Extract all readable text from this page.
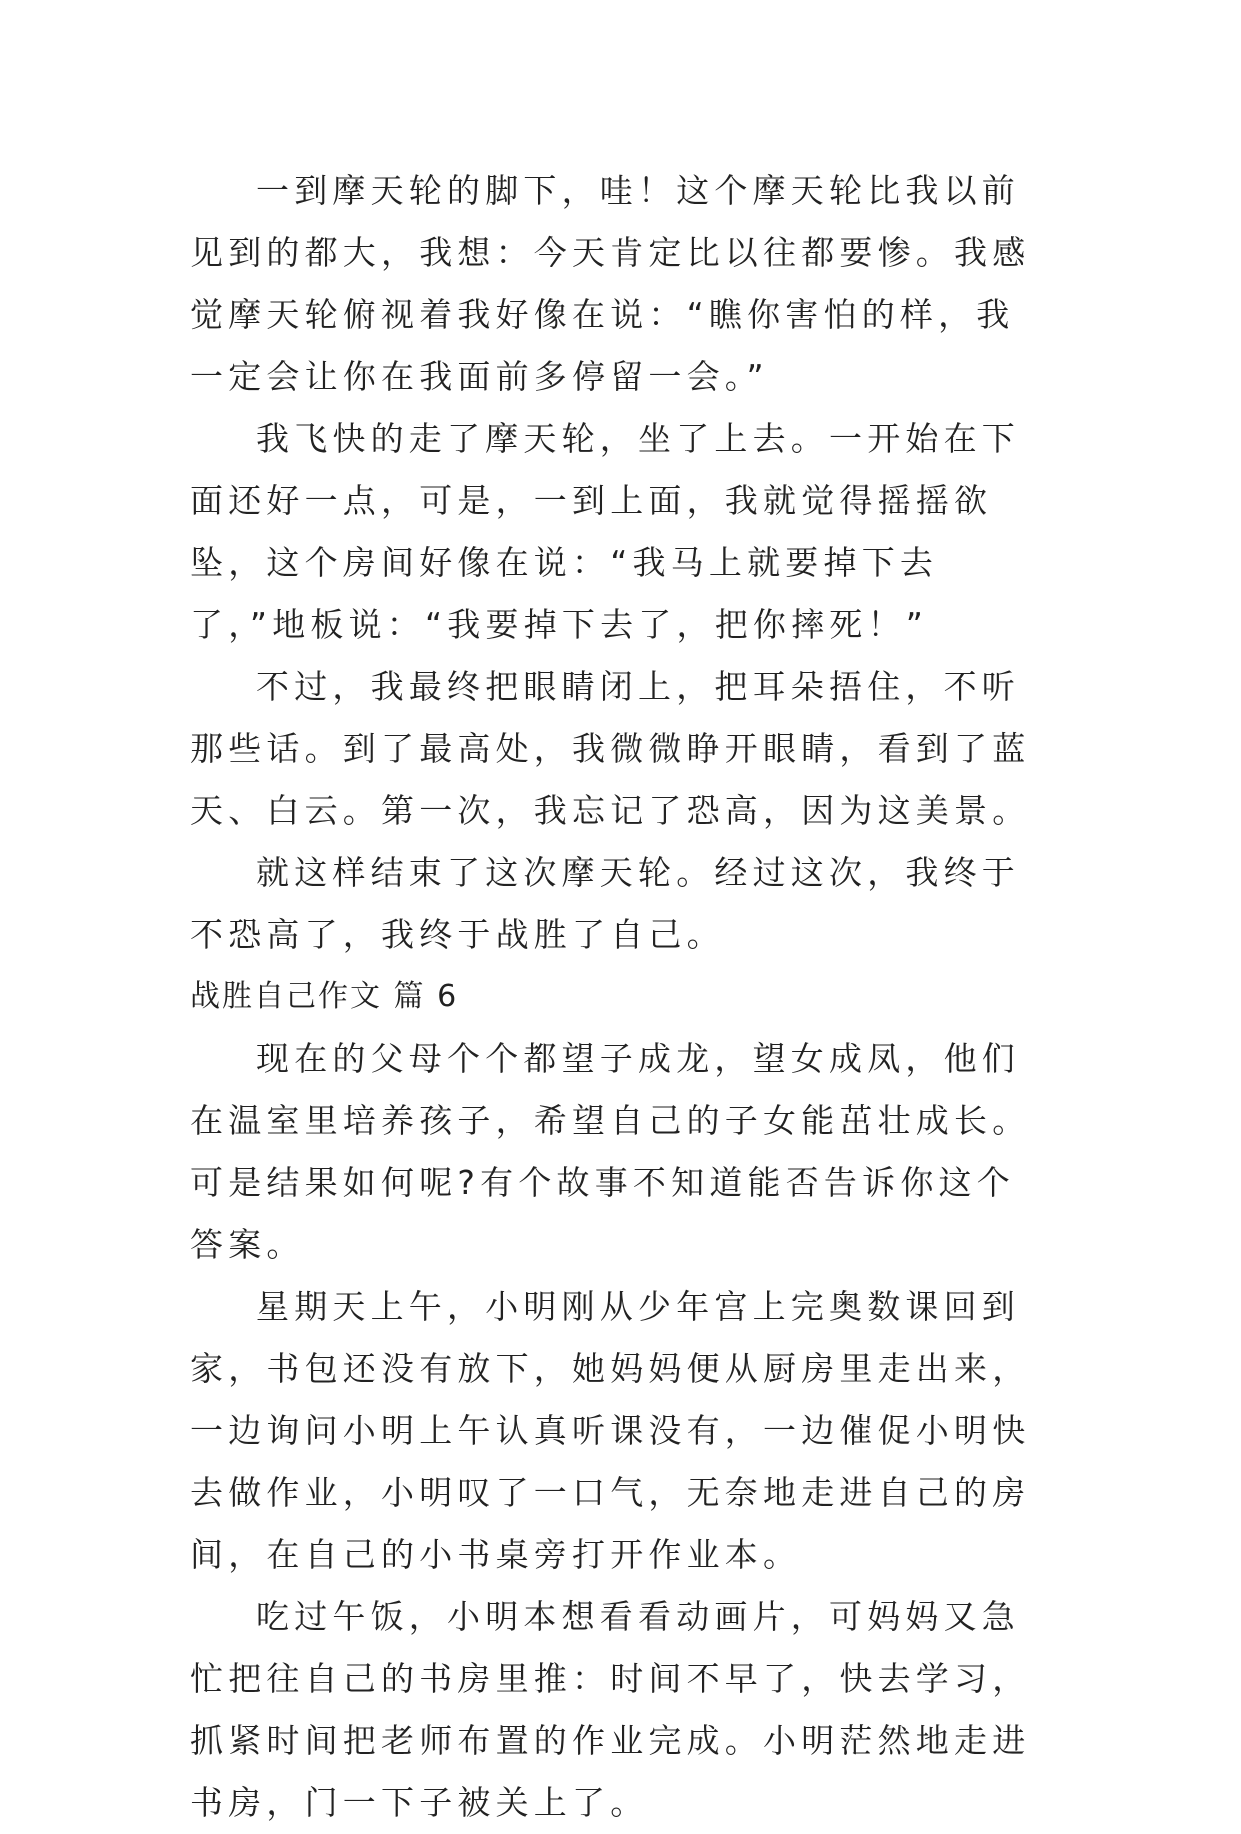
一到摩天轮的脚下，哇！这个摩天轮比我以前见到的都大，我想：今天肯定比以往都要惨。我感觉摩天轮俯视着我好像在说：“瞧你害怕的样，我一定会让你在我面前多停留一会。”

我飞快的走了摩天轮，坐了上去。一开始在下面还好一点，可是，一到上面，我就觉得摇摇欲坠，这个房间好像在说：“我马上就要掉下去了，”地板说：“我要掉下去了，把你摔死！”

不过，我最终把眼睛闭上，把耳朵捂住，不听那些话。到了最高处，我微微睁开眼睛，看到了蓝天、白云。第一次，我忘记了恐高，因为这美景。

就这样结束了这次摩天轮。经过这次，我终于不恐高了，我终于战胜了自己。

战胜自己作文 篇 6

现在的父母个个都望子成龙，望女成凤，他们在温室里培养孩子，希望自己的子女能茁壮成长。可是结果如何呢?有个故事不知道能否告诉你这个答案。

星期天上午，小明刚从少年宫上完奥数课回到家，书包还没有放下，她妈妈便从厨房里走出来，一边询问小明上午认真听课没有，一边催促小明快去做作业，小明叹了一口气，无奈地走进自己的房间，在自己的小书桌旁打开作业本。

吃过午饭，小明本想看看动画片，可妈妈又急忙把往自己的书房里推：时间不早了，快去学习，抓紧时间把老师布置的作业完成。小明茫然地走进书房，门一下子被关上了。
